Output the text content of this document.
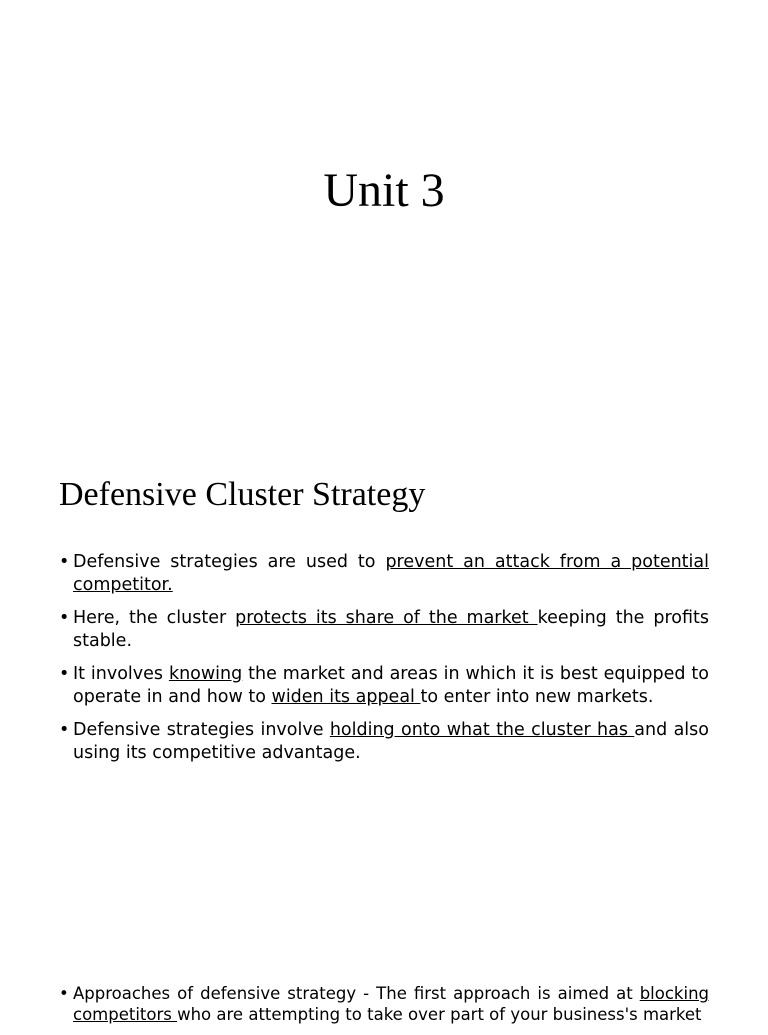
Unit 3
Defensive Cluster Strategy
• Defensive strategies are used to prevent an attack from a potential competitor.
• Here, the cluster protects its share of the market keeping the profits stable.
• It involves knowing the market and areas in which it is best equipped to operate in and how to widen its appeal to enter into new markets.
• Defensive strategies involve holding onto what the cluster has and also using its competitive advantage.
• Approaches of defensive strategy - The first approach is aimed at blocking competitors who are attempting to take over part of your business's market
